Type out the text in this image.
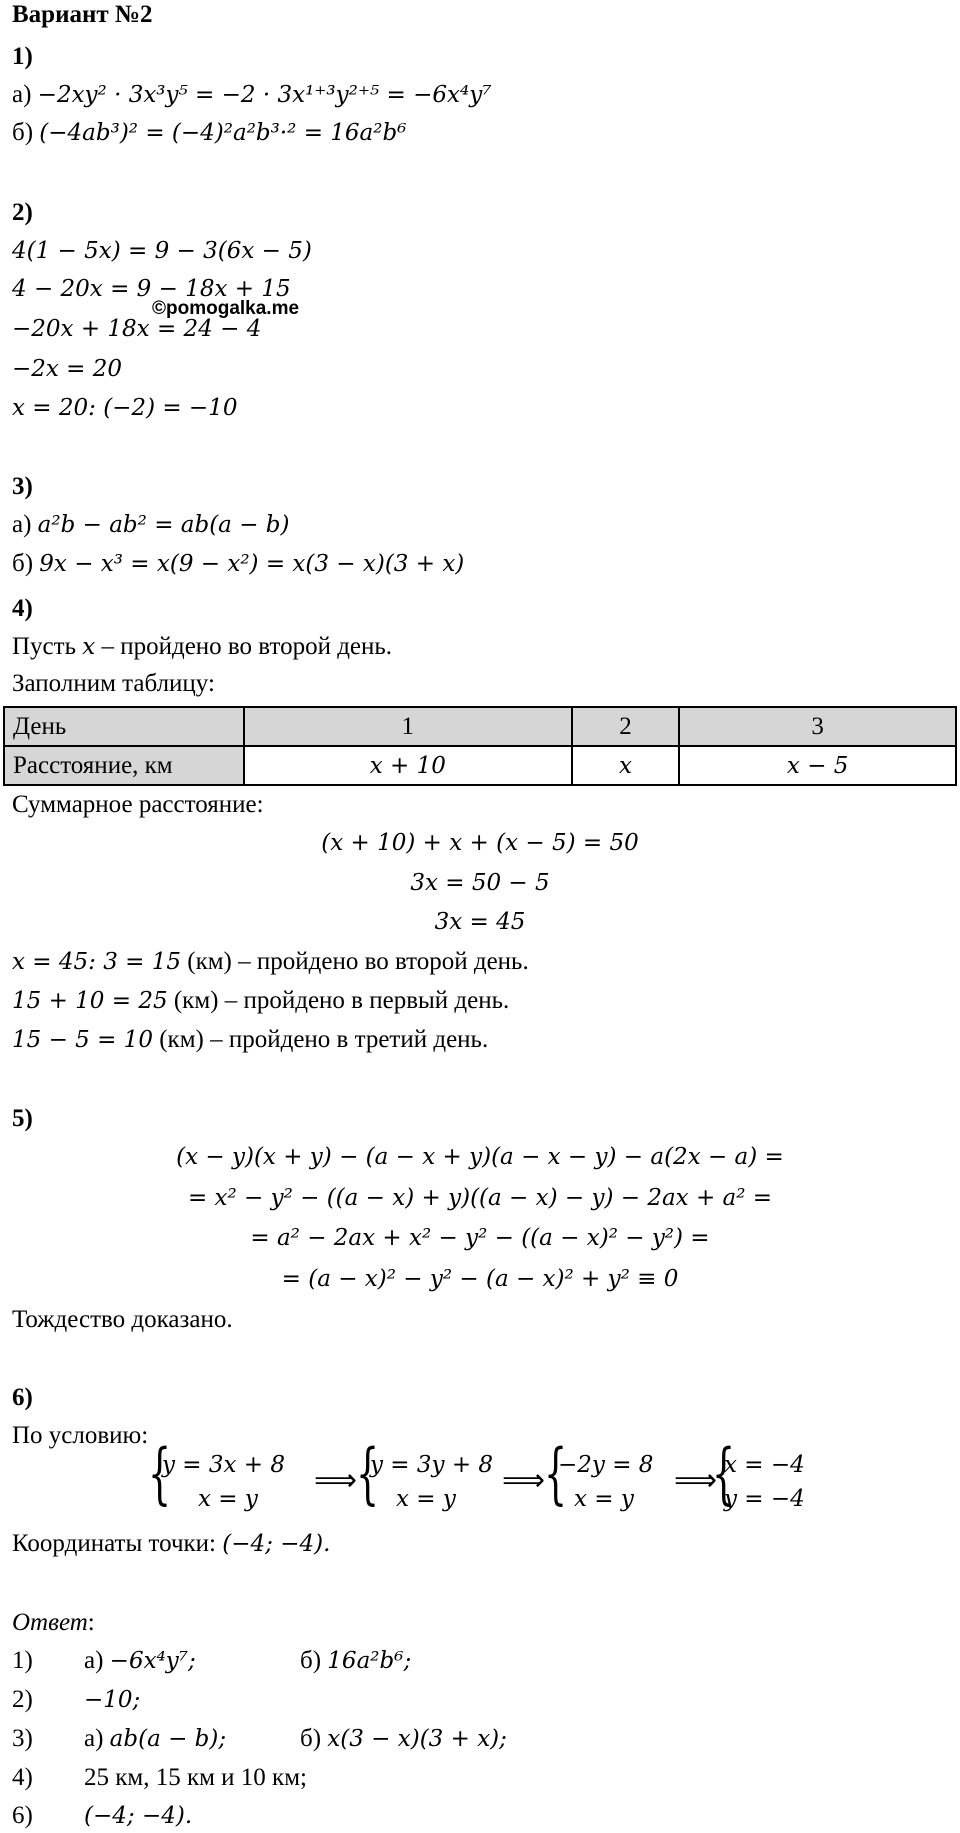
Вариант №2
1)
а) −2xy² · 3x³y⁵ = −2 · 3x¹⁺³y²⁺⁵ = −6x⁴y⁷
б) (−4ab³)² = (−4)²a²b³·² = 16a²b⁶
2)
4(1 − 5x) = 9 − 3(6x − 5)
4 − 20x = 9 − 18x + 15
−20x + 18x = 24 − 4
−2x = 20
x = 20: (−2) = −10
©pomogalka.me
3)
а) a²b − ab² = ab(a − b)
б) 9x − x³ = x(9 − x²) = x(3 − x)(3 + x)
4)
Пусть x – пройдено во второй день.
Заполним таблицу:
День	1	2	3
Расстояние, км	x + 10	x	x − 5
Суммарное расстояние:
(x + 10) + x + (x − 5) = 50
3x = 50 − 5
3x = 45
x = 45: 3 = 15 (км) – пройдено во второй день.
15 + 10 = 25 (км) – пройдено в первый день.
15 − 5 = 10 (км) – пройдено в третий день.
5)
(x − y)(x + y) − (a − x + y)(a − x − y) − a(2x − a) =
= x² − y² − ((a − x) + y)((a − x) − y) − 2ax + a² =
= a² − 2ax + x² − y² − ((a − x)² − y²) =
= (a − x)² − y² − (a − x)² + y² ≡ 0
Тождество доказано.
6)
По условию: {
y = 3x + 8
x = y
⟹
{
y = 3y + 8
x = y
⟹
{
−2y = 8
x = y
⟹
{
x = −4
y = −4
Координаты точки: (−4; −4).
Ответ:
1) а) −6x⁴y⁷;	б) 16a²b⁶;
2) −10;
3) а) ab(a − b);	б) x(3 − x)(3 + x);
4) 25 км, 15 км и 10 км;
6) (−4; −4).
